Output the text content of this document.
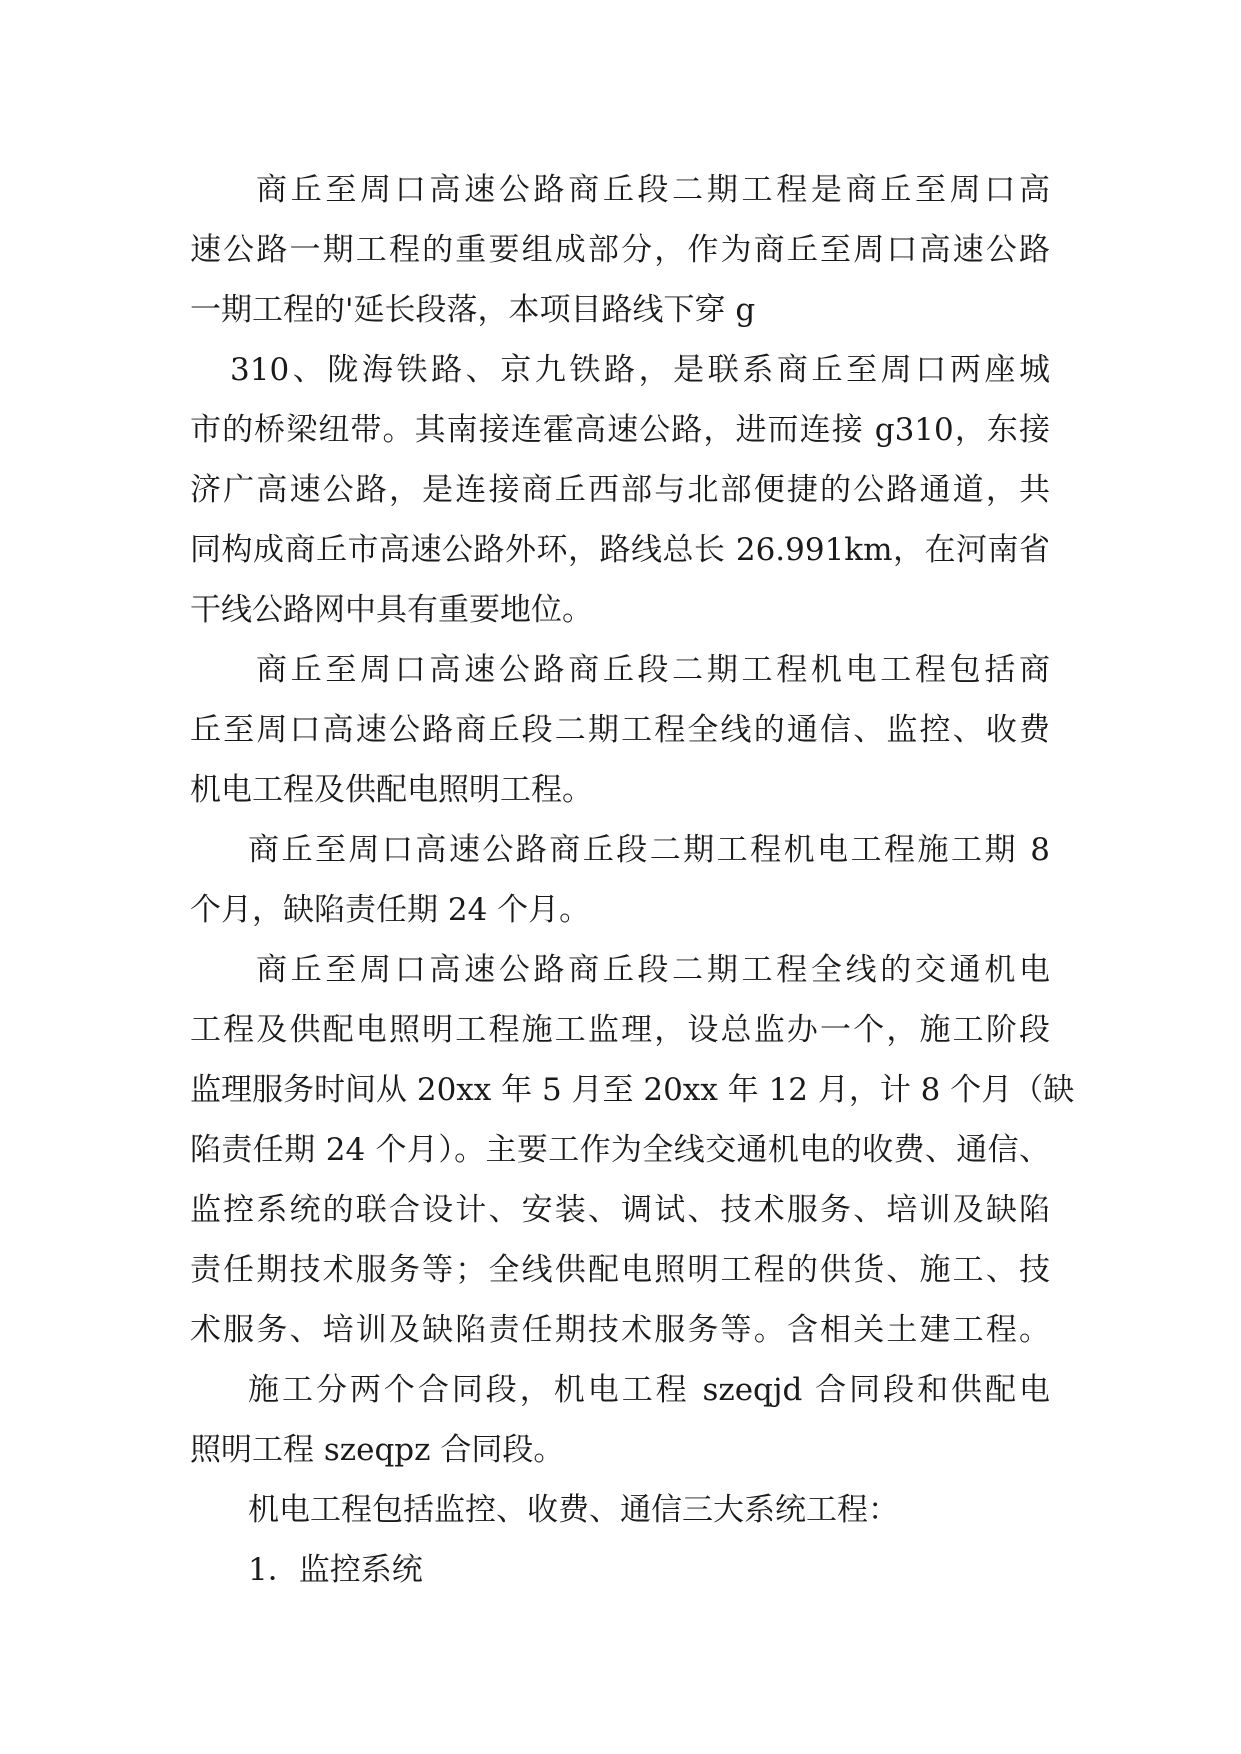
商丘至周口高速公路商丘段二期工程是商丘至周口高
速公路一期工程的重要组成部分，作为商丘至周口高速公路
一期工程的'延长段落，本项目路线下穿 g
310、陇海铁路、京九铁路，是联系商丘至周口两座城
市的桥梁纽带。其南接连霍高速公路，进而连接 g310，东接
济广高速公路，是连接商丘西部与北部便捷的公路通道，共
同构成商丘市高速公路外环，路线总长 26.991km，在河南省
干线公路网中具有重要地位。
商丘至周口高速公路商丘段二期工程机电工程包括商
丘至周口高速公路商丘段二期工程全线的通信、监控、收费
机电工程及供配电照明工程。
商丘至周口高速公路商丘段二期工程机电工程施工期 8
个月，缺陷责任期 24 个月。
商丘至周口高速公路商丘段二期工程全线的交通机电
工程及供配电照明工程施工监理，设总监办一个，施工阶段
监理服务时间从 20xx 年 5 月至 20xx 年 12 月，计 8 个月（缺
陷责任期 24 个月）。主要工作为全线交通机电的收费、通信、
监控系统的联合设计、安装、调试、技术服务、培训及缺陷
责任期技术服务等；全线供配电照明工程的供货、施工、技
术服务、培训及缺陷责任期技术服务等。含相关土建工程。
施工分两个合同段，机电工程 szeqjd 合同段和供配电
照明工程 szeqpz 合同段。
机电工程包括监控、收费、通信三大系统工程：
1．监控系统
